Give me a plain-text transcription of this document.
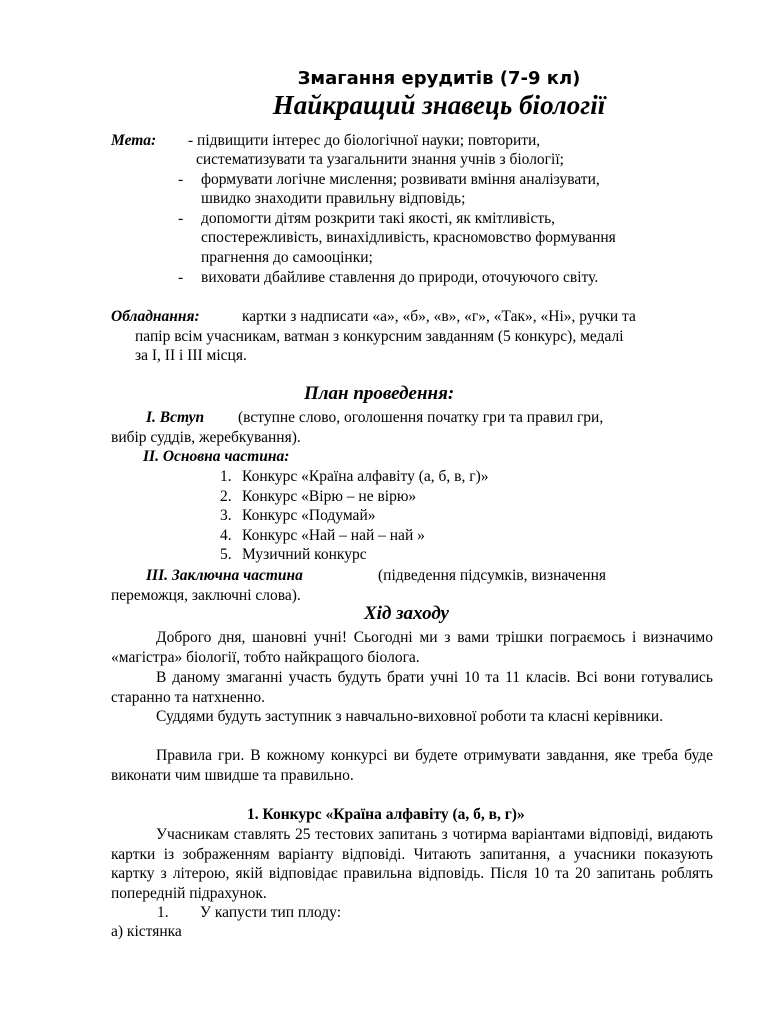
Змагання ерудитів (7-9 кл)
Найкращий знавець біології
Мета: - підвищити інтерес до біологічної науки; повторити,
систематизувати та узагальнити знання учнів з біології;
- формувати логічне мислення; розвивати вміння аналізувати,
швидко знаходити правильну відповідь;
- допомогти дітям розкрити такі якості, як кмітливість,
спостережливість, винахідливість, красномовство формування
прагнення до самооцінки;
- виховати дбайливе ставлення до природи, оточуючого світу.
Обладнання:	картки з надписати «а», «б», «в», «г», «Так», «Ні», ручки та
папір всім учасникам, ватман з конкурсним завданням (5 конкурс), медалі
за І, ІІ і ІІІ місця.
План проведення:
І. Вступ (вступне слово, оголошення початку гри та правил гри,
вибір суддів, жеребкування).
ІІ. Основна частина:
1. Конкурс «Країна алфавіту (а, б, в, г)»
2. Конкурс «Вірю – не вірю»
3. Конкурс «Подумай»
4. Конкурс «Най – най – най »
5. Музичний конкурс
ІІІ. Заключна частина	(підведення підсумків, визначення
переможця, заключні слова).
Хід заходу
Доброго дня, шановні учні! Сьогодні ми з вами трішки пограємось і визначимо «магістра» біології, тобто найкращого біолога.
В даному змаганні участь будуть брати учні 10 та 11 класів. Всі вони готувались старанно та натхненно.
Суддями будуть заступник з навчально-виховної роботи та класні керівники.
Правила гри. В кожному конкурсі ви будете отримувати завдання, яке треба буде виконати чим швидше та правильно.
1. Конкурс «Країна алфавіту (а, б, в, г)»
Учасникам ставлять 25 тестових запитань з чотирма варіантами відповіді, видають картки із зображенням варіанту відповіді. Читають запитання, а учасники показують картку з літерою, якій відповідає правильна відповідь. Після 10 та 20 запитань роблять попередній підрахунок.
1. У капусти тип плоду:
а) кістянка
